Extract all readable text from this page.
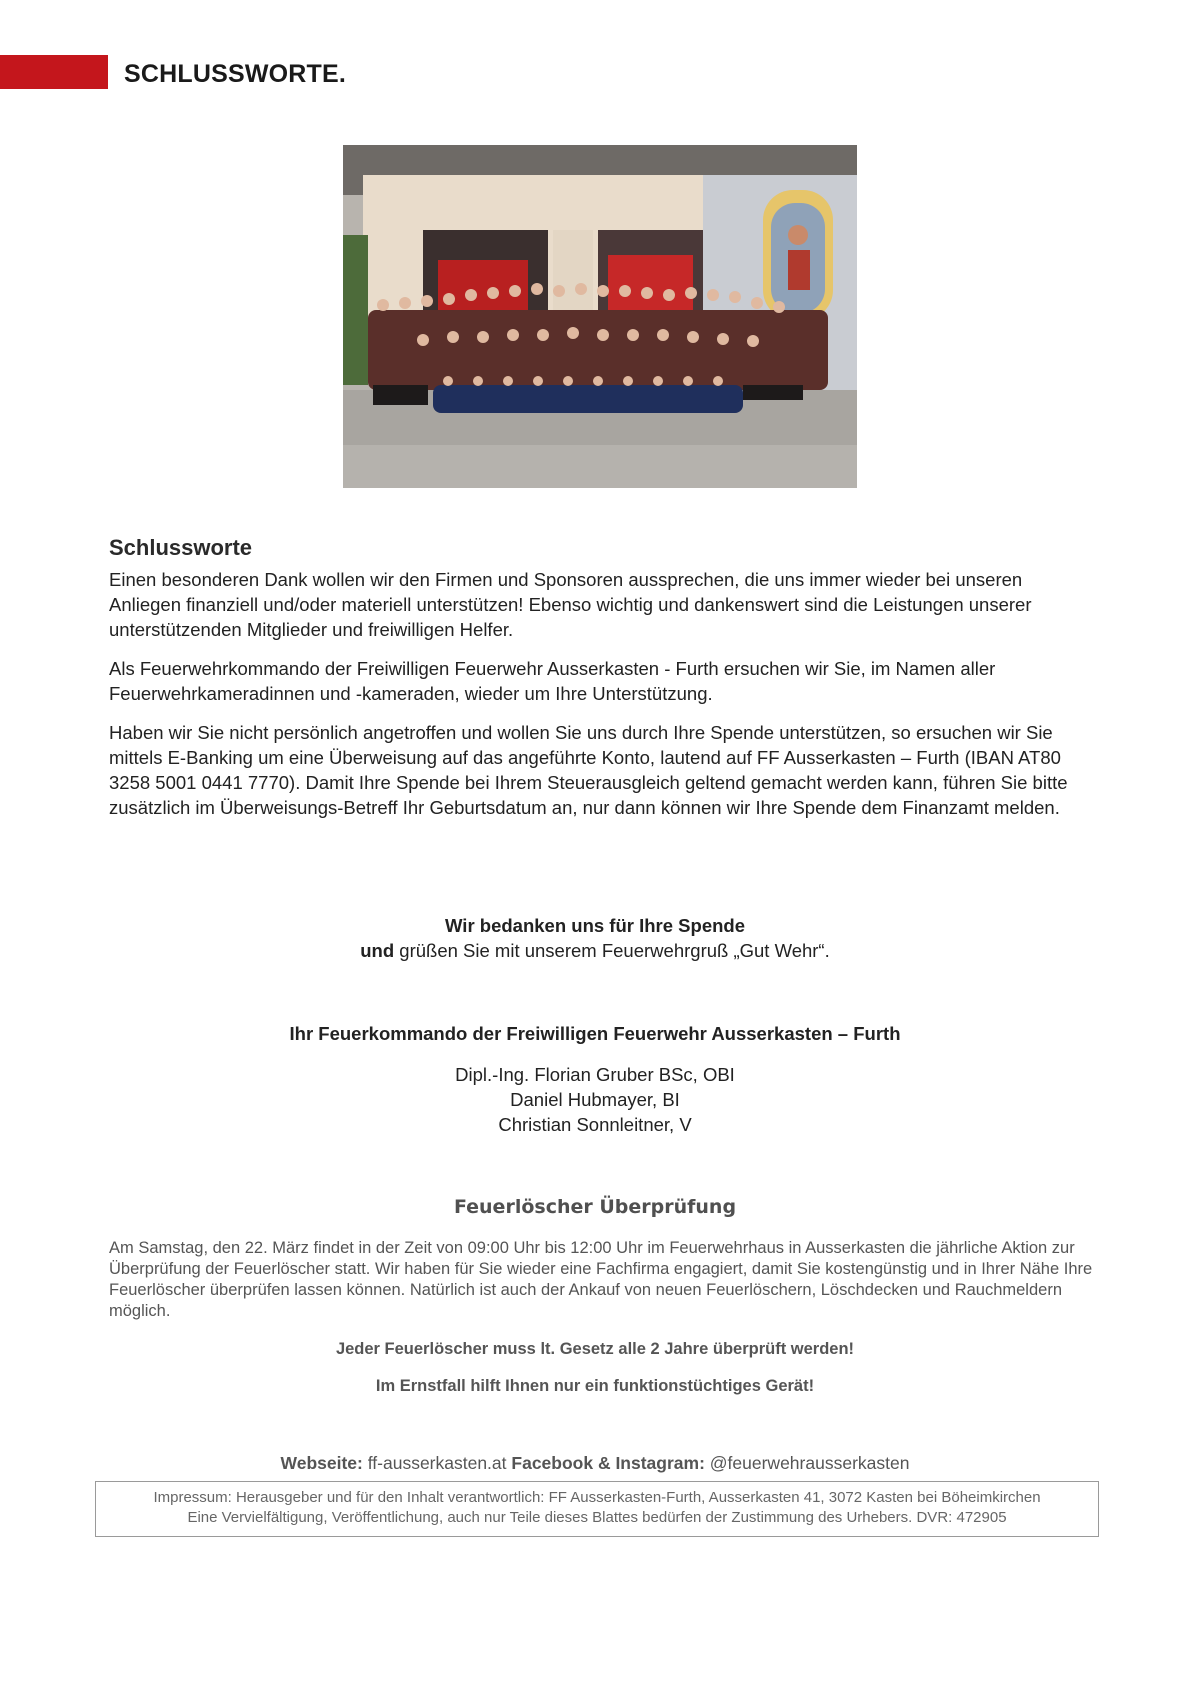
SCHLUSSWORTE.
Schlussworte

Einen besonderen Dank wollen wir den Firmen und Sponsoren aussprechen, die uns immer wieder bei unseren Anliegen finanziell und/oder materiell unterstützen! Ebenso wichtig und dankenswert sind die Leistungen unserer unterstützenden Mitglieder und freiwilligen Helfer.

Als Feuerwehrkommando der Freiwilligen Feuerwehr Ausserkasten - Furth ersuchen wir Sie, im Namen aller Feuerwehrkameradinnen und -kameraden, wieder um Ihre Unterstützung.

Haben wir Sie nicht persönlich angetroffen und wollen Sie uns durch Ihre Spende unterstützen, so ersuchen wir Sie mittels E-Banking um eine Überweisung auf das angeführte Konto, lautend auf FF Ausserkasten – Furth (IBAN AT80 3258 5001 0441 7770). Damit Ihre Spende bei Ihrem Steuerausgleich geltend gemacht werden kann, führen Sie bitte zusätzlich im Überweisungs-Betreff Ihr Geburtsdatum an, nur dann können wir Ihre Spende dem Finanzamt melden.

Wir bedanken uns für Ihre Spende
und grüßen Sie mit unserem Feuerwehrgruß „Gut Wehr“.
Ihr Feuerkommando der Freiwilligen Feuerwehr Ausserkasten – Furth
Dipl.-Ing. Florian Gruber BSc, OBI
Daniel Hubmayer, BI
Christian Sonnleitner, V
Feuerlöscher Überprüfung
Am Samstag, den 22. März findet in der Zeit von 09:00 Uhr bis 12:00 Uhr im Feuerwehrhaus in Ausserkasten die jährliche Aktion zur Überprüfung der Feuerlöscher statt. Wir haben für Sie wieder eine Fachfirma engagiert, damit Sie kostengünstig und in Ihrer Nähe Ihre Feuerlöscher überprüfen lassen können. Natürlich ist auch der Ankauf von neuen Feuerlöschern, Löschdecken und Rauchmeldern möglich.
Jeder Feuerlöscher muss lt. Gesetz alle 2 Jahre überprüft werden!
Im Ernstfall hilft Ihnen nur ein funktionstüchtiges Gerät!
Webseite: ff-ausserkasten.at Facebook & Instagram: @feuerwehrausserkasten
Impressum: Herausgeber und für den Inhalt verantwortlich: FF Ausserkasten-Furth, Ausserkasten 41, 3072 Kasten bei Böheimkirchen
Eine Vervielfältigung, Veröffentlichung, auch nur Teile dieses Blattes bedürfen der Zustimmung des Urhebers. DVR: 472905
